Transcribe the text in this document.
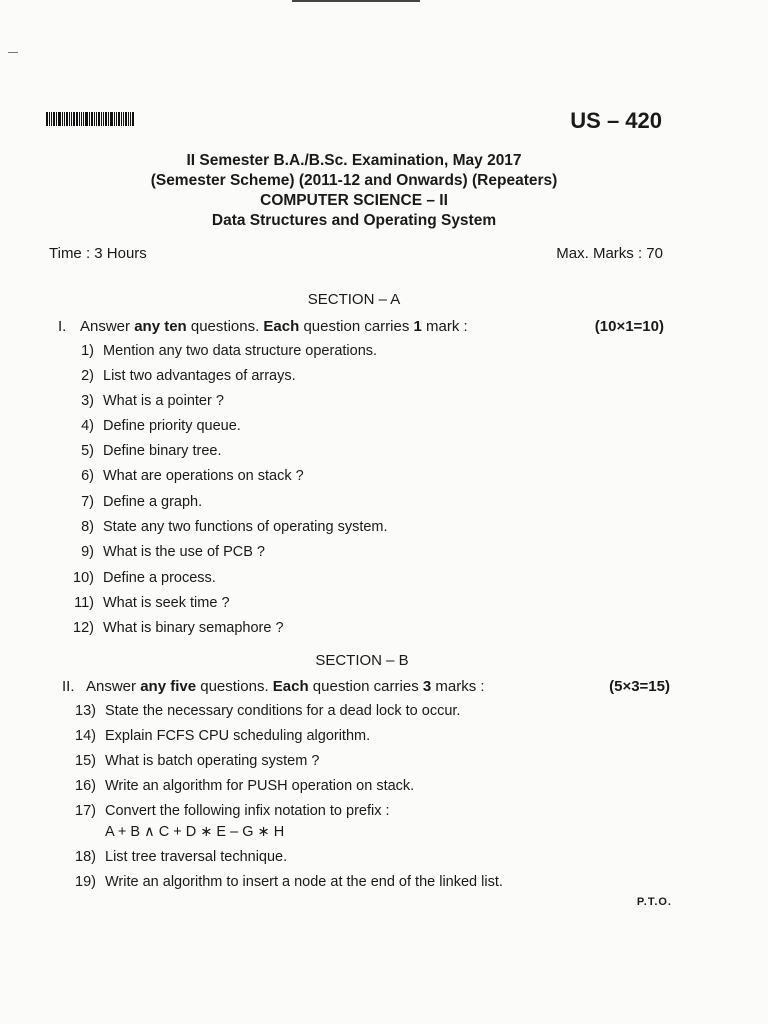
US – 420
II Semester B.A./B.Sc. Examination, May 2017
(Semester Scheme) (2011-12 and Onwards) (Repeaters)
COMPUTER SCIENCE – II
Data Structures and Operating System
Time : 3 Hours	Max. Marks : 70
SECTION – A
I. Answer any ten questions. Each question carries 1 mark :	(10×1=10)
1) Mention any two data structure operations.
2) List two advantages of arrays.
3) What is a pointer ?
4) Define priority queue.
5) Define binary tree.
6) What are operations on stack ?
7) Define a graph.
8) State any two functions of operating system.
9) What is the use of PCB ?
10) Define a process.
11) What is seek time ?
12) What is binary semaphore ?
SECTION – B
II. Answer any five questions. Each question carries 3 marks :	(5×3=15)
13) State the necessary conditions for a dead lock to occur.
14) Explain FCFS CPU scheduling algorithm.
15) What is batch operating system ?
16) Write an algorithm for PUSH operation on stack.
17) Convert the following infix notation to prefix :
A + B ∧ C + D ∗ E – G ∗ H
18) List tree traversal technique.
19) Write an algorithm to insert a node at the end of the linked list.
P.T.O.
